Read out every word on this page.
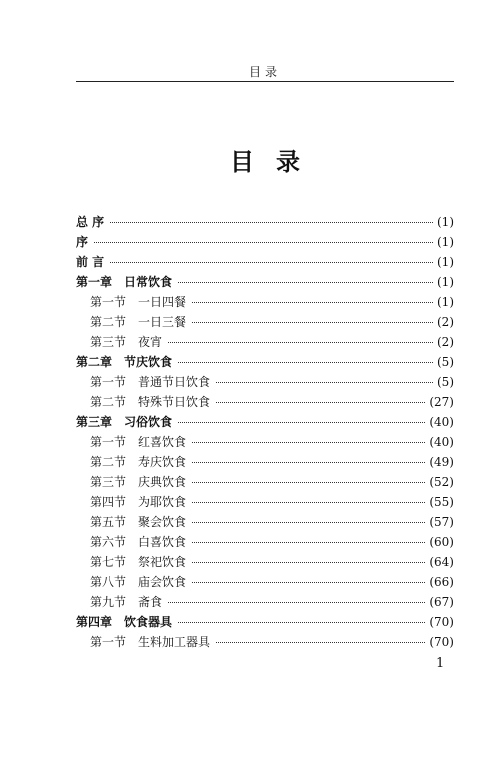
目录
目录
总 序	(1)
序	(1)
前 言	(1)
第一章 日常饮食	(1)
第一节 一日四餐	(1)
第二节 一日三餐	(2)
第三节 夜宵	(2)
第二章 节庆饮食	(5)
第一节 普通节日饮食	(5)
第二节 特殊节日饮食	(27)
第三章 习俗饮食	(40)
第一节 红喜饮食	(40)
第二节 寿庆饮食	(49)
第三节 庆典饮食	(52)
第四节 为耶饮食	(55)
第五节 聚会饮食	(57)
第六节 白喜饮食	(60)
第七节 祭祀饮食	(64)
第八节 庙会饮食	(66)
第九节 斋食	(67)
第四章 饮食器具	(70)
第一节 生料加工器具	(70)
1
